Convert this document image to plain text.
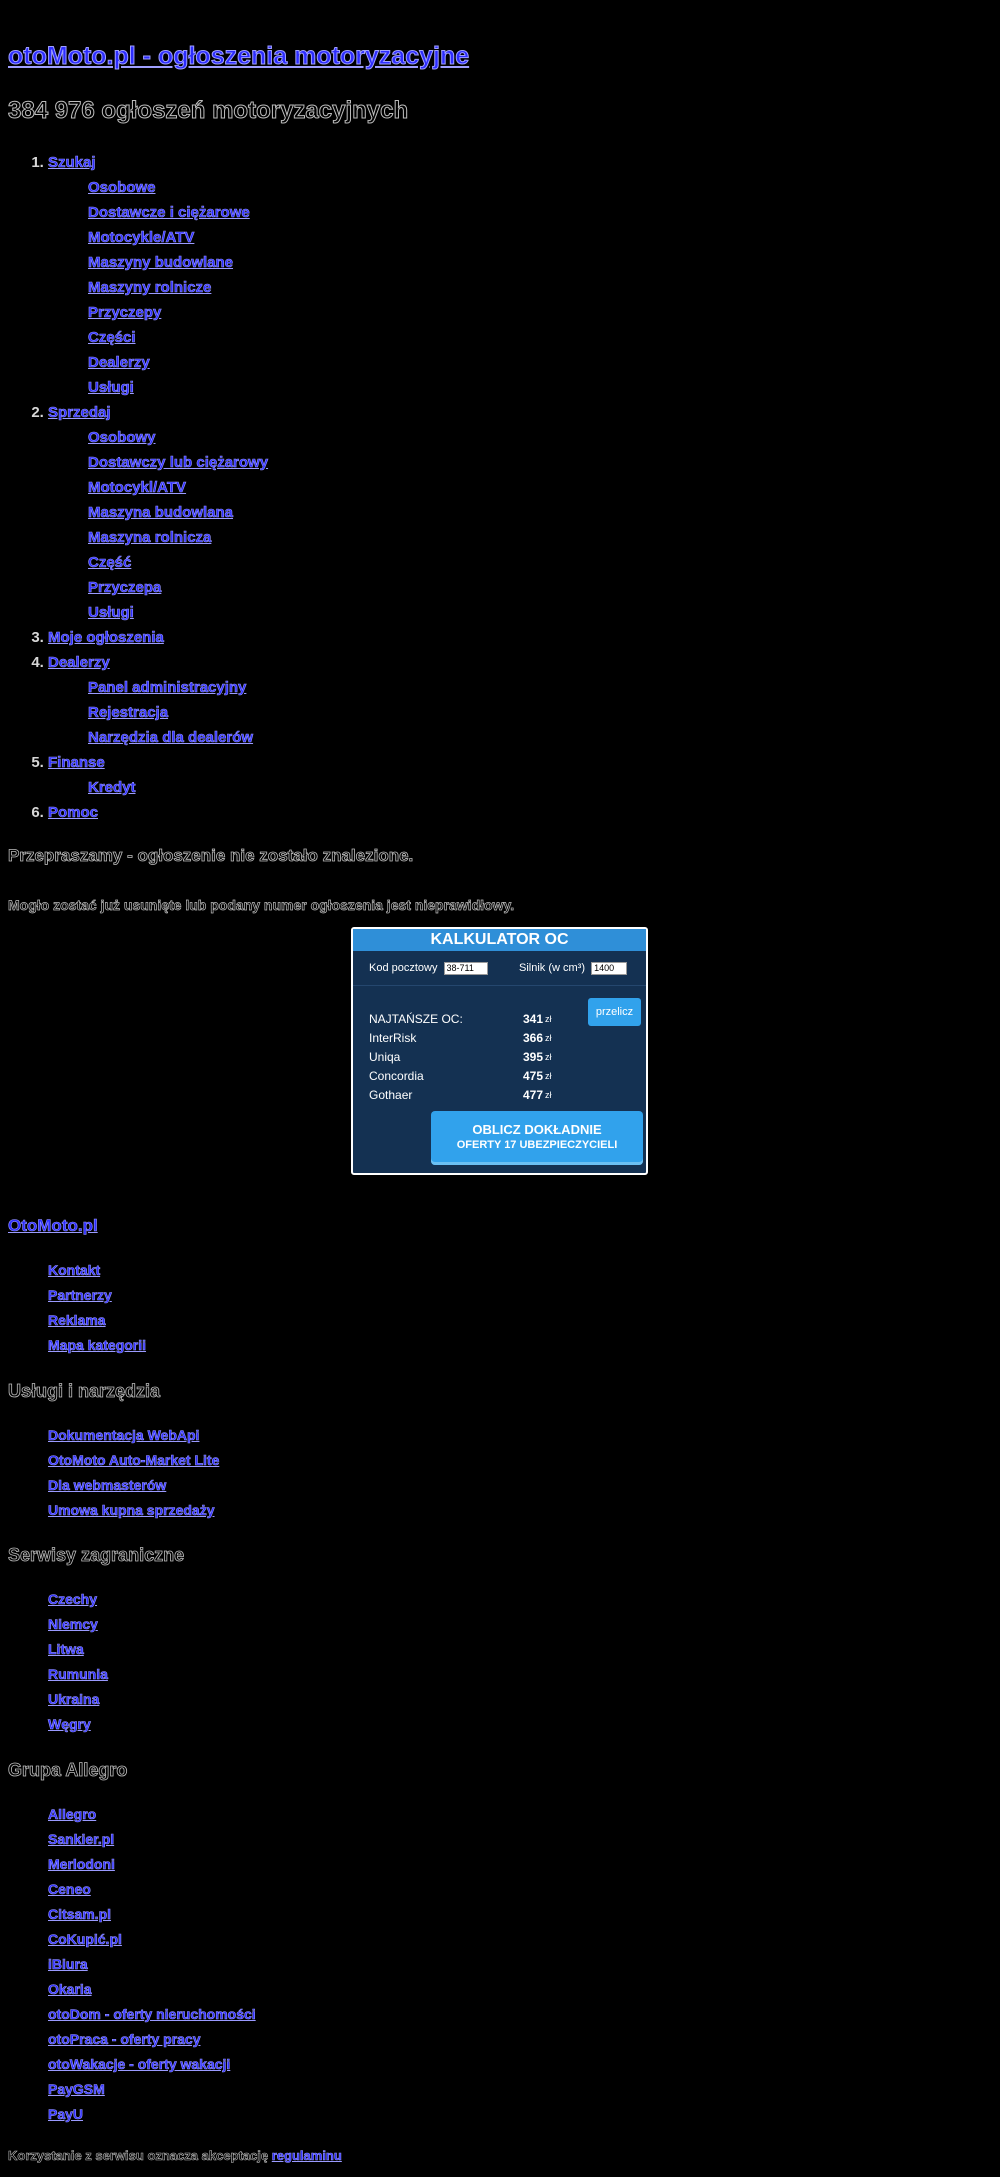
otoMoto.pl - ogłoszenia motoryzacyjne
384 976 ogłoszeń motoryzacyjnych
1. Szukaj
Osobowe
Dostawcze i ciężarowe
Motocykle/ATV
Maszyny budowlane
Maszyny rolnicze
Przyczepy
Części
Dealerzy
Usługi
2. Sprzedaj
Osobowy
Dostawczy lub ciężarowy
Motocykl/ATV
Maszyna budowlana
Maszyna rolnicza
Część
Przyczepa
Usługi
3. Moje ogłoszenia
4. Dealerzy
Panel administracyjny
Rejestracja
Narzędzia dla dealerów
5. Finanse
Kredyt
6. Pomoc
Przepraszamy - ogłoszenie nie zostało znalezione.

Mogło zostać już usunięte lub podany numer ogłoszenia jest nieprawidłowy.

KALKULATOR OC
Kod pocztowy 38-711	Silnik (w cm³) 1400
przelicz
NAJTAŃSZE OC:	341	zł
InterRisk	366	zł
Uniqa	395	zł
Concordia	475	zł
Gothaer	477	zł
OBLICZ DOKŁADNIE
OFERTY 17 UBEZPIECZYCIELI
OtoMoto.pl
Kontakt
Partnerzy
Reklama
Mapa kategorii
Usługi i narzędzia
Dokumentacja WebApi
OtoMoto Auto-Market Lite
Dla webmasterów
Umowa kupna sprzedaży
Serwisy zagraniczne
Czechy
Niemcy
Litwa
Rumunia
Ukraina
Węgry
Grupa Allegro
Allegro
Sankier.pl
Merlodoni
Ceneo
Citsam.pl
CoKupić.pl
iBiura
Okaria
otoDom - oferty nieruchomości
otoPraca - oferty pracy
otoWakacje - oferty wakacji
PayGSM
PayU

Korzystanie z serwisu oznacza akceptację regulaminu
